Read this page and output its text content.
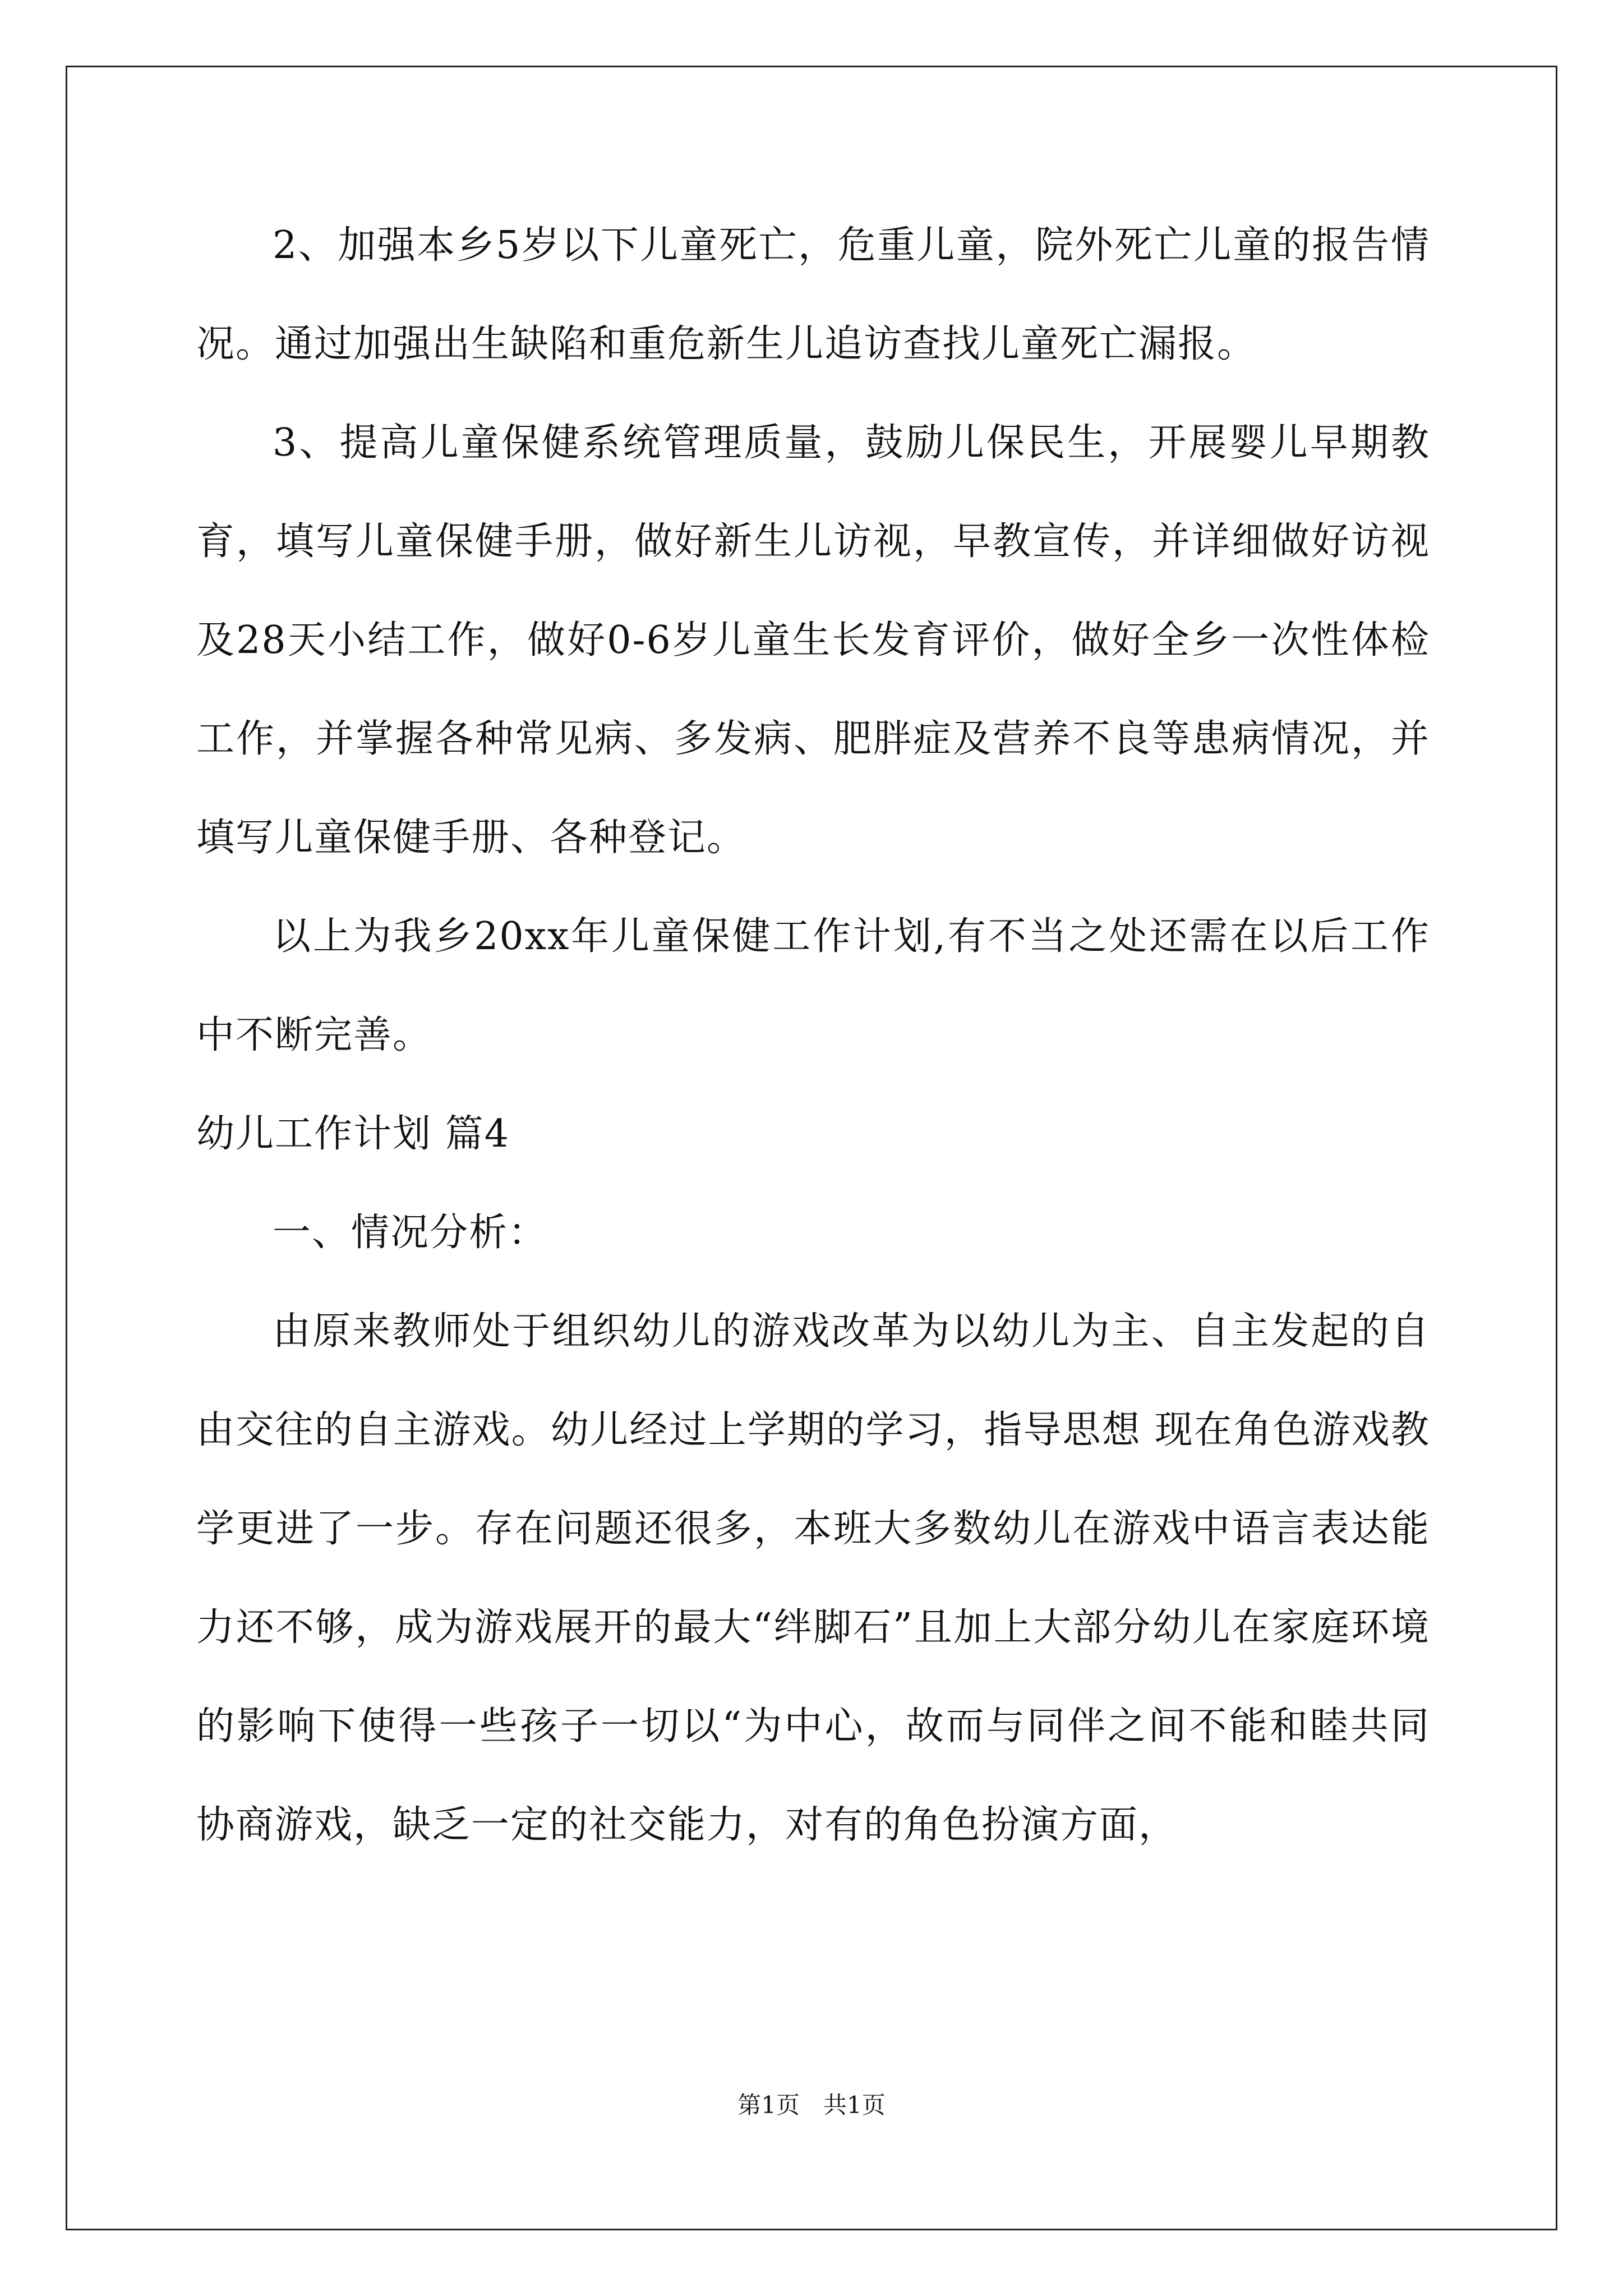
2、加强本乡5岁以下儿童死亡，危重儿童，院外死亡儿童的报告情况。通过加强出生缺陷和重危新生儿追访查找儿童死亡漏报。

3、提高儿童保健系统管理质量，鼓励儿保民生，开展婴儿早期教育，填写儿童保健手册，做好新生儿访视，早教宣传，并详细做好访视及28天小结工作，做好0-6岁儿童生长发育评价，做好全乡一次性体检工作，并掌握各种常见病、多发病、肥胖症及营养不良等患病情况，并填写儿童保健手册、各种登记。

以上为我乡20xx年儿童保健工作计划,有不当之处还需在以后工作中不断完善。

幼儿工作计划 篇4

一、情况分析：

由原来教师处于组织幼儿的游戏改革为以幼儿为主、自主发起的自由交往的自主游戏。幼儿经过上学期的学习，指导思想 现在角色游戏教学更进了一步。存在问题还很多，本班大多数幼儿在游戏中语言表达能力还不够，成为游戏展开的最大“绊脚石”且加上大部分幼儿在家庭环境的影响下使得一些孩子一切以“为中心，故而与同伴之间不能和睦共同协商游戏，缺乏一定的社交能力，对有的角色扮演方面，

第1页　共1页
